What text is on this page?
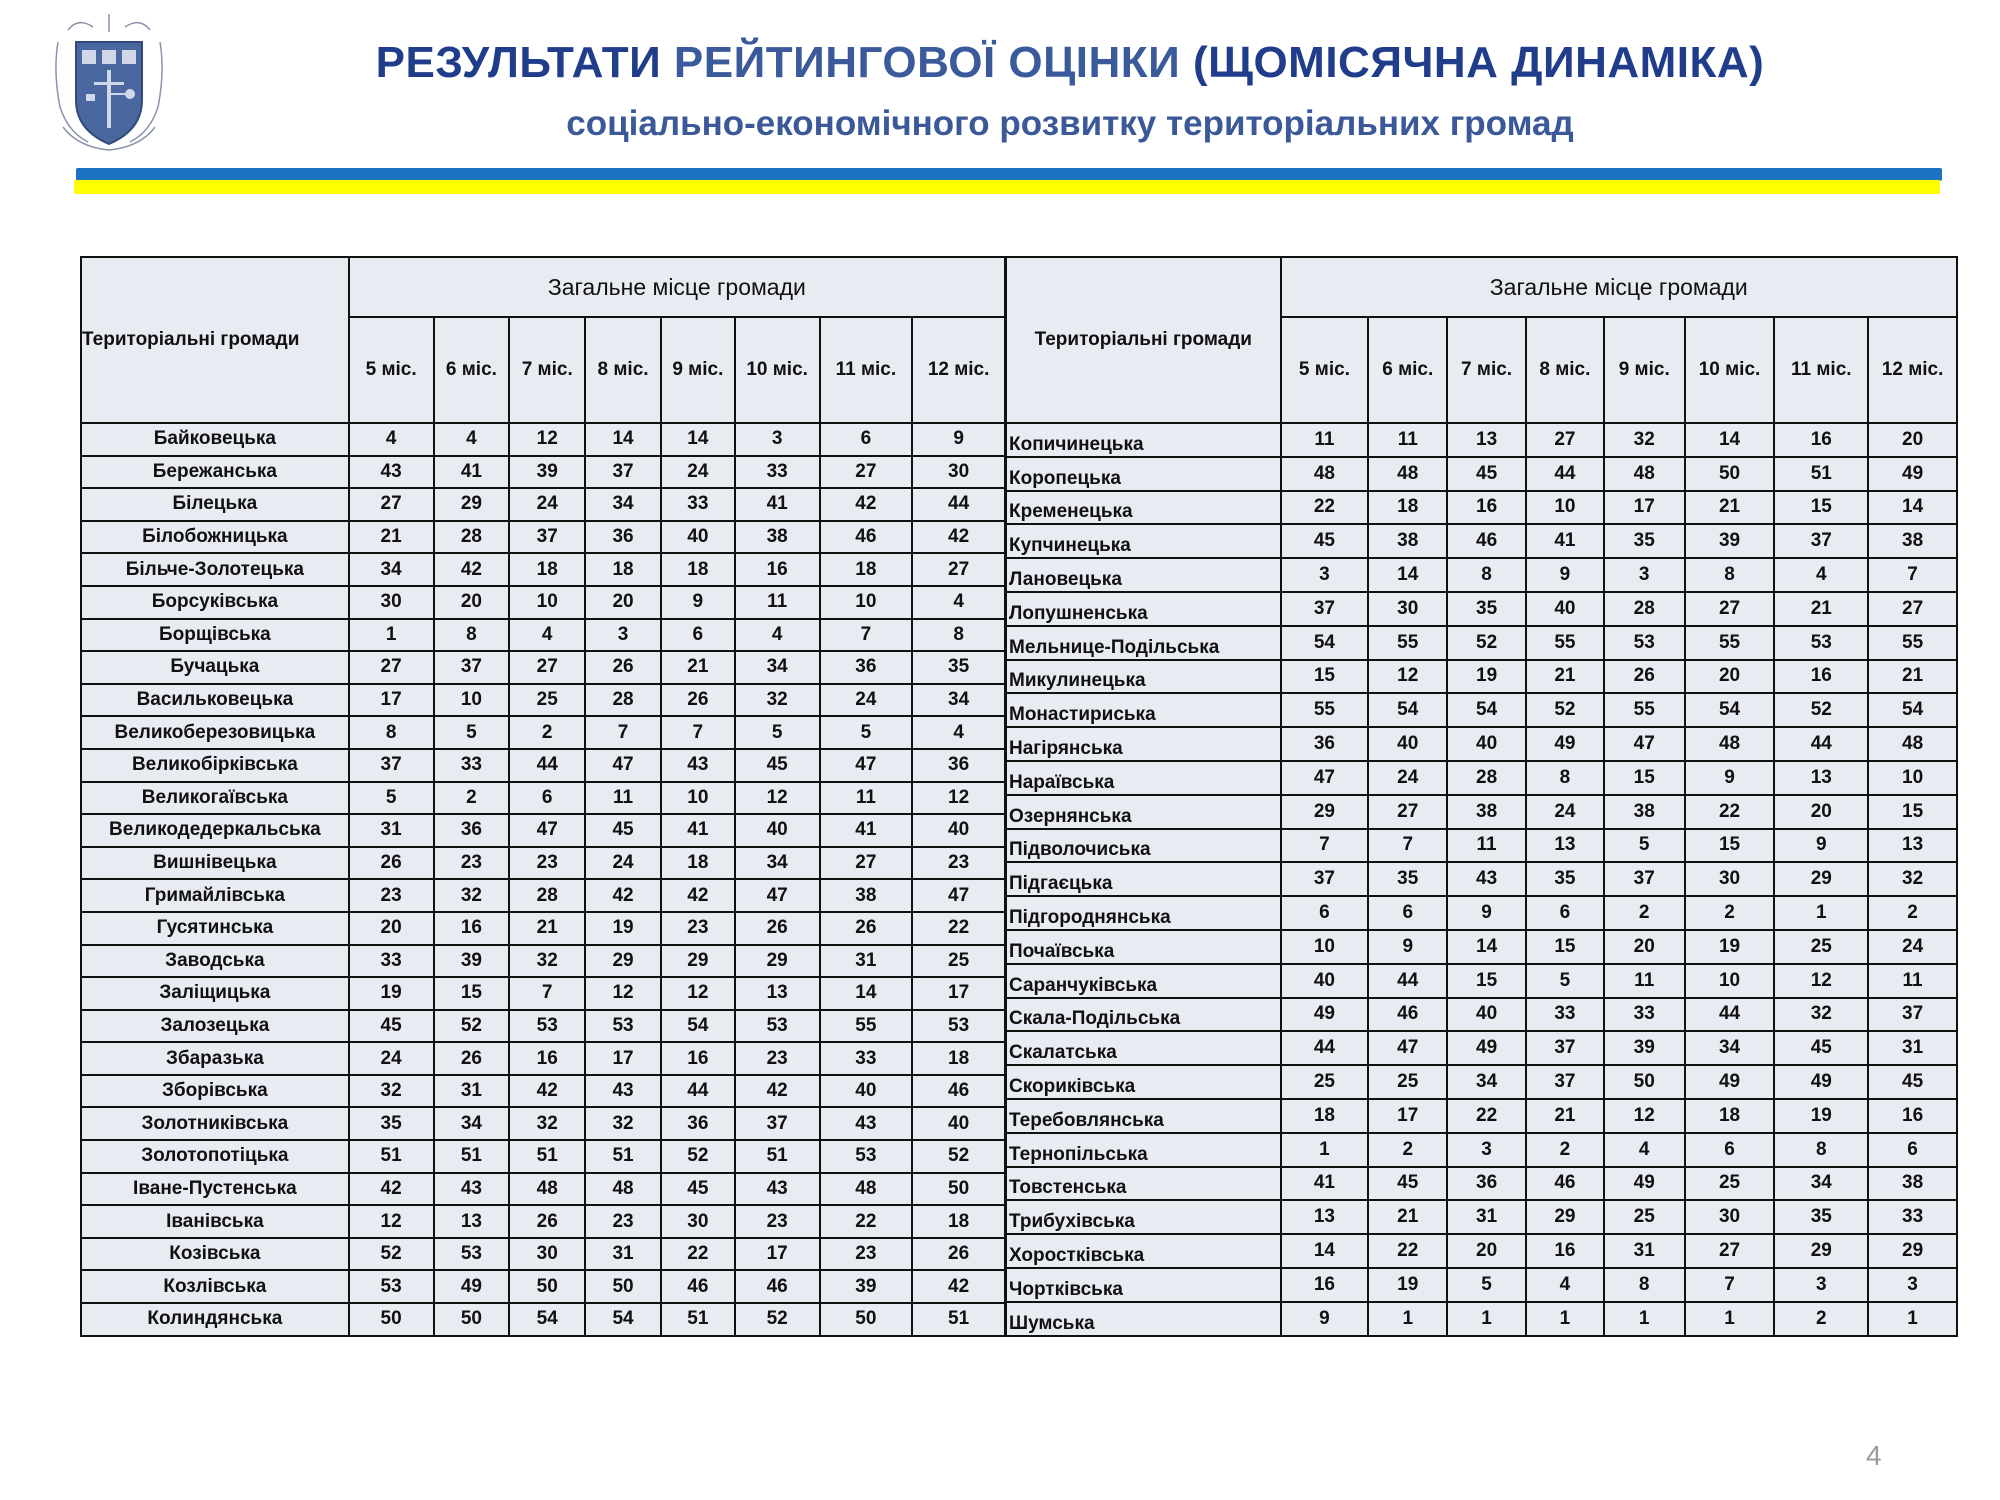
РЕЗУЛЬТАТИ РЕЙТИНГОВОЇ ОЦІНКИ (ЩОМІСЯЧНА ДИНАМІКА)
соціально-економічного розвитку територіальних громад
Територіальні громади	Загальне місце громади							
	5 міс.	6 міс.	7 міс.	8 міс.	9 міс.	10 міс.	11 міс.	12 міс.
Байковецька	4	4	12	14	14	3	6	9
Бережанська	43	41	39	37	24	33	27	30
Білецька	27	29	24	34	33	41	42	44
Білобожницька	21	28	37	36	40	38	46	42
Більче-Золотецька	34	42	18	18	18	16	18	27
Борсуківська	30	20	10	20	9	11	10	4
Борщівська	1	8	4	3	6	4	7	8
Бучацька	27	37	27	26	21	34	36	35
Васильковецька	17	10	25	28	26	32	24	34
Великоберезовицька	8	5	2	7	7	5	5	4
Великобірківська	37	33	44	47	43	45	47	36
Великогаївська	5	2	6	11	10	12	11	12
Великодедеркальська	31	36	47	45	41	40	41	40
Вишнівецька	26	23	23	24	18	34	27	23
Гримайлівська	23	32	28	42	42	47	38	47
Гусятинська	20	16	21	19	23	26	26	22
Заводська	33	39	32	29	29	29	31	25
Заліщицька	19	15	7	12	12	13	14	17
Залозецька	45	52	53	53	54	53	55	53
Збаразька	24	26	16	17	16	23	33	18
Зборівська	32	31	42	43	44	42	40	46
Золотниківська	35	34	32	32	36	37	43	40
Золотопотіцька	51	51	51	51	52	51	53	52
Іване-Пустенська	42	43	48	48	45	43	48	50
Іванівська	12	13	26	23	30	23	22	18
Козівська	52	53	30	31	22	17	23	26
Козлівська	53	49	50	50	46	46	39	42
Колиндянська	50	50	54	54	51	52	50	51
Територіальні громади	Загальне місце громади							
	5 міс.	6 міс.	7 міс.	8 міс.	9 міс.	10 міс.	11 міс.	12 міс.
Копичинецька	11	11	13	27	32	14	16	20
Коропецька	48	48	45	44	48	50	51	49
Кременецька	22	18	16	10	17	21	15	14
Купчинецька	45	38	46	41	35	39	37	38
Лановецька	3	14	8	9	3	8	4	7
Лопушненська	37	30	35	40	28	27	21	27
Мельнице-Подільська	54	55	52	55	53	55	53	55
Микулинецька	15	12	19	21	26	20	16	21
Монастириська	55	54	54	52	55	54	52	54
Нагірянська	36	40	40	49	47	48	44	48
Нараївська	47	24	28	8	15	9	13	10
Озернянська	29	27	38	24	38	22	20	15
Підволочиська	7	7	11	13	5	15	9	13
Підгаєцька	37	35	43	35	37	30	29	32
Підгороднянська	6	6	9	6	2	2	1	2
Почаївська	10	9	14	15	20	19	25	24
Саранчуківська	40	44	15	5	11	10	12	11
Скала-Подільська	49	46	40	33	33	44	32	37
Скалатська	44	47	49	37	39	34	45	31
Скориківська	25	25	34	37	50	49	49	45
Теребовлянська	18	17	22	21	12	18	19	16
Тернопільська	1	2	3	2	4	6	8	6
Товстенська	41	45	36	46	49	25	34	38
Трибухівська	13	21	31	29	25	30	35	33
Хоростківська	14	22	20	16	31	27	29	29
Чортківська	16	19	5	4	8	7	3	3
Шумська	9	1	1	1	1	1	2	1
4
